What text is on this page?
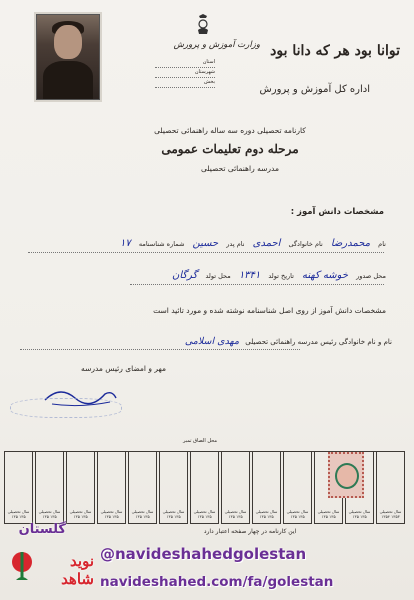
توانا بود هر که دانا بود
وزارت آموزش و پرورش
استان
شهرستان
بخش
اداره کل آموزش و پرورش
کارنامه تحصیلی دوره سه ساله راهنمائی تحصیلی
مرحله دوم تعلیمات عمومی
مدرسه راهنمائی تحصیلی
مشخصات دانش آموز :
نام محمدرضا نام خانوادگی احمدی نام پدر حسین شماره شناسنامه ۱۷
محل صدور خوشه کهنه تاریخ تولد ۱۳۴۱ محل تولد گرگان
مشخصات دانش آموز از روی اصل شناسنامه نوشته شده و مورد تائید است
نام و نام خانوادگی رئیس مدرسه راهنمائی تحصیلی مهدی اسلامی
مهر و امضای رئیس مدرسه
محل الصاق تمبر
سال تحصیلی ۱۳۵ ۱۳۵
سال تحصیلی ۱۳۵ ۱۳۵
سال تحصیلی ۱۳۵ ۱۳۵
سال تحصیلی ۱۳۵ ۱۳۵
سال تحصیلی ۱۳۵ ۱۳۵
سال تحصیلی ۱۳۵ ۱۳۵
سال تحصیلی ۱۳۵ ۱۳۵
سال تحصیلی ۱۳۵ ۱۳۵
سال تحصیلی ۱۳۵ ۱۳۵
سال تحصیلی ۱۳۵ ۱۳۵
سال تحصیلی ۱۳۵ ۱۳۵
سال تحصیلی ۱۳۵ ۱۳۵
سال تحصیلی ۱۳۵۳ ۱۳۵۴
این کارنامه در چهار صفحه اعتبار دارد
گلستان
نوید شاهد
@navideshahedgolestan
navideshahed.com/fa/golestan
